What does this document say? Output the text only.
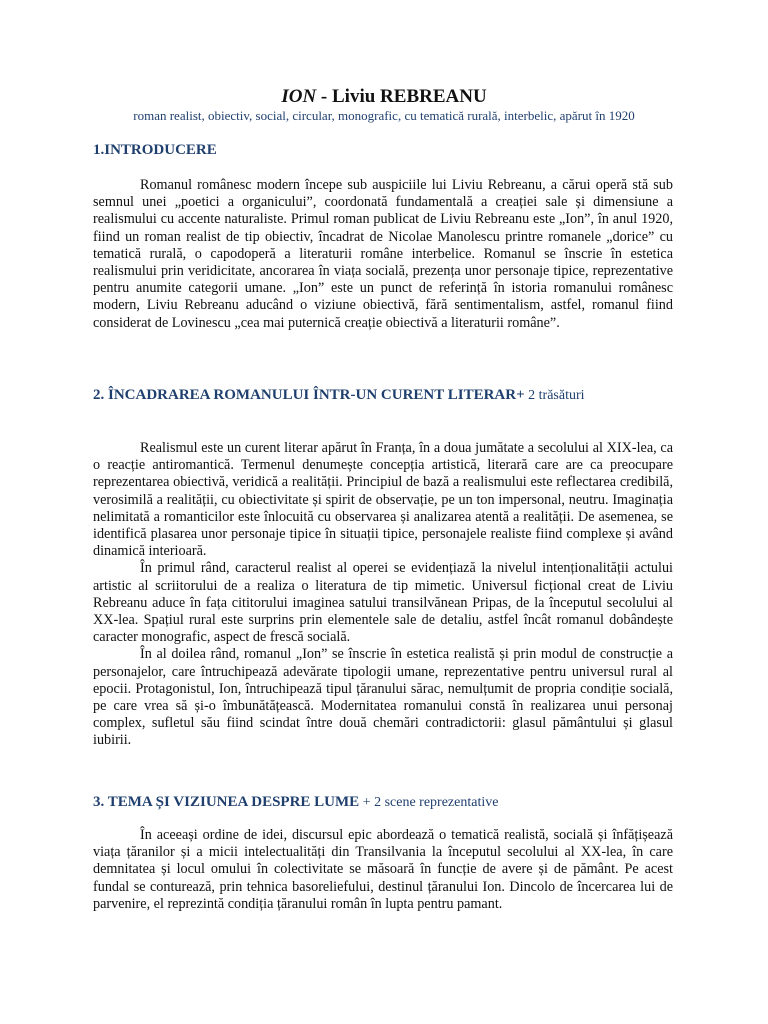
ION - Liviu REBREANU
roman realist, obiectiv, social, circular, monografic, cu tematică rurală, interbelic, apărut în 1920
1.INTRODUCERE

Romanul românesc modern începe sub auspiciile lui Liviu Rebreanu, a cărui operă stă sub semnul unei „poetici a organicului”, coordonată fundamentală a creației sale și dimensiune a realismului cu accente naturaliste. Primul roman publicat de Liviu Rebreanu este „Ion”, în anul 1920, fiind un roman realist de tip obiectiv, încadrat de Nicolae Manolescu printre romanele „dorice” cu tematică rurală, o capodoperă a literaturii române interbelice. Romanul se înscrie în estetica realismului prin veridicitate, ancorarea în viața socială, prezența unor personaje tipice, reprezentative pentru anumite categorii umane. „Ion” este un punct de referință în istoria romanului românesc modern, Liviu Rebreanu aducând o viziune obiectivă, fără sentimentalism, astfel, romanul fiind considerat de Lovinescu „cea mai puternică creație obiectivă a literaturii române”.

2. ÎNCADRAREA ROMANULUI ÎNTR-UN CURENT LITERAR+ 2 trăsături

Realismul este un curent literar apărut în Franța, în a doua jumătate a secolului al XIX-lea, ca o reacție antiromantică. Termenul denumește concepția artistică, literară care are ca preocupare reprezentarea obiectivă, veridică a realității. Principiul de bază a realismului este reflectarea credibilă, verosimilă a realității, cu obiectivitate și spirit de observație, pe un ton impersonal, neutru. Imaginația nelimitată a romanticilor este înlocuită cu observarea și analizarea atentă a realității. De asemenea, se identifică plasarea unor personaje tipice în situații tipice, personajele realiste fiind complexe și având dinamică interioară.

În primul rând, caracterul realist al operei se evidențiază la nivelul intenționalității actului artistic al scriitorului de a realiza o literatura de tip mimetic. Universul ficțional creat de Liviu Rebreanu aduce în fața cititorului imaginea satului transilvănean Pripas, de la începutul secolului al XX-lea. Spațiul rural este surprins prin elementele sale de detaliu, astfel încât romanul dobândește caracter monografic, aspect de frescă socială.

În al doilea rând, romanul „Ion” se înscrie în estetica realistă și prin modul de construcție a personajelor, care întruchipează adevărate tipologii umane, reprezentative pentru universul rural al epocii. Protagonistul, Ion, întruchipează tipul țăranului sărac, nemulțumit de propria condiție socială, pe care vrea să și-o îmbunătățească. Modernitatea romanului constă în realizarea unui personaj complex, sufletul său fiind scindat între două chemări contradictorii: glasul pământului și glasul iubirii.

3. TEMA ȘI VIZIUNEA DESPRE LUME + 2 scene reprezentative

În aceeași ordine de idei, discursul epic abordează o tematică realistă, socială și înfățișează viața țăranilor și a micii intelectualități din Transilvania la începutul secolului al XX-lea, în care demnitatea și locul omului în colectivitate se măsoară în funcție de avere și de pământ. Pe acest fundal se conturează, prin tehnica basoreliefului, destinul țăranului Ion. Dincolo de încercarea lui de parvenire, el reprezintă condiția țăranului român în lupta pentru pamant.
